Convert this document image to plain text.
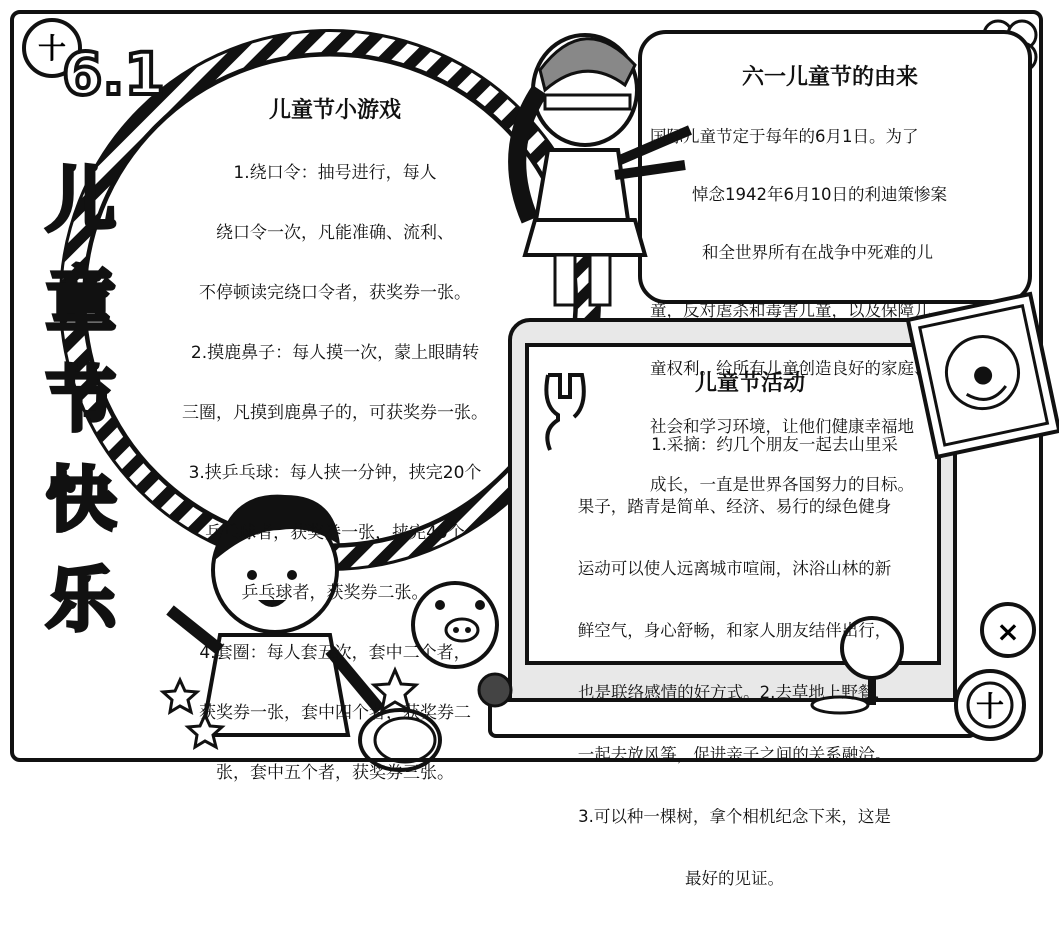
十
×
十
6.1
儿
童
节
快
乐
儿童节小游戏

1.绕口令：抽号进行，每人

绕口令一次，凡能准确、流利、

不停顿读完绕口令者，获奖券一张。

2.摸鹿鼻子：每人摸一次，蒙上眼睛转

三圈，凡摸到鹿鼻子的，可获奖券一张。

3.挟乒乓球：每人挟一分钟，挟完20个

乒乓球者，获奖券一张，挟完40个

乒乓球者，获奖券二张。

4.套圈：每人套五次，套中二个者，

获奖券一张，套中四个者，获奖券二

张，套中五个者，获奖券三张。

六一儿童节的由来

国际儿童节定于每年的6月1日。为了

悼念1942年6月10日的利迪策惨案

和全世界所有在战争中死难的儿

童，反对虐杀和毒害儿童，以及保障儿

童权利。给所有儿童创造良好的家庭、

社会和学习环境，让他们健康幸福地

成长，一直是世界各国努力的目标。

儿童节活动

1.采摘：约几个朋友一起去山里采

果子，踏青是简单、经济、易行的绿色健身

运动可以使人远离城市喧闹，沐浴山林的新

鲜空气，身心舒畅，和家人朋友结伴出行，

也是联络感情的好方式。2.去草地上野餐，

一起去放风筝，促进亲子之间的关系融洽。

3.可以种一棵树，拿个相机纪念下来，这是

最好的见证。
